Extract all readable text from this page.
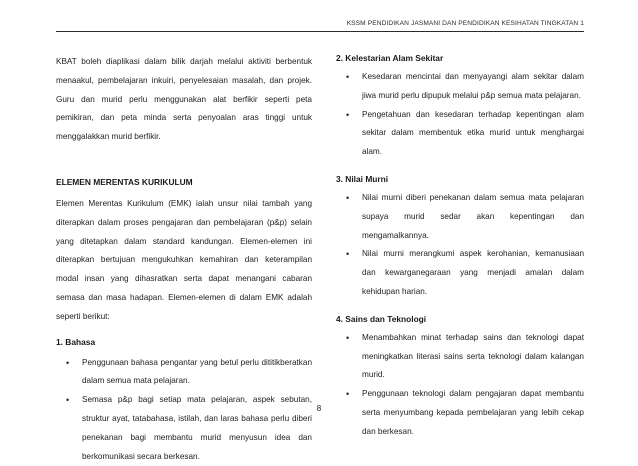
KSSM PENDIDIKAN JASMANI DAN PENDIDIKAN KESIHATAN TINGKATAN 1

KBAT boleh diaplikasi dalam bilik darjah melalui aktiviti berbentuk menaakul, pembelajaran inkuiri, penyelesaian masalah, dan projek. Guru dan murid perlu menggunakan alat berfikir seperti peta pemikiran, dan peta minda serta penyoalan aras tinggi untuk menggalakkan murid berfikir.

ELEMEN MERENTAS KURIKULUM

Elemen Merentas Kurikulum (EMK) ialah unsur nilai tambah yang diterapkan dalam proses pengajaran dan pembelajaran (p&p) selain yang ditetapkan dalam standard kandungan. Elemen-elemen ini diterapkan bertujuan mengukuhkan kemahiran dan keterampilan modal insan yang dihasratkan serta dapat menangani cabaran semasa dan masa hadapan. Elemen-elemen di dalam EMK adalah seperti berikut:

1. Bahasa
• Penggunaan bahasa pengantar yang betul perlu dititikberatkan dalam semua mata pelajaran.
• Semasa p&p bagi setiap mata pelajaran, aspek sebutan, struktur ayat, tatabahasa, istilah, dan laras bahasa perlu diberi penekanan bagi membantu murid menyusun idea dan berkomunikasi secara berkesan.
2. Kelestarian Alam Sekitar
• Kesedaran mencintai dan menyayangi alam sekitar dalam jiwa murid perlu dipupuk melalui p&p semua mata pelajaran.
• Pengetahuan dan kesedaran terhadap kepentingan alam sekitar dalam membentuk etika murid untuk menghargai alam.
3. Nilai Murni
• Nilai murni diberi penekanan dalam semua mata pelajaran supaya murid sedar akan kepentingan dan mengamalkannya.
• Nilai murni merangkumi aspek kerohanian, kemanusiaan dan kewarganegaraan yang menjadi amalan dalam kehidupan harian.
4. Sains dan Teknologi
• Menambahkan minat terhadap sains dan teknologi dapat meningkatkan literasi sains serta teknologi dalam kalangan murid.
• Penggunaan teknologi dalam pengajaran dapat membantu serta menyumbang kepada pembelajaran yang lebih cekap dan berkesan.
8
